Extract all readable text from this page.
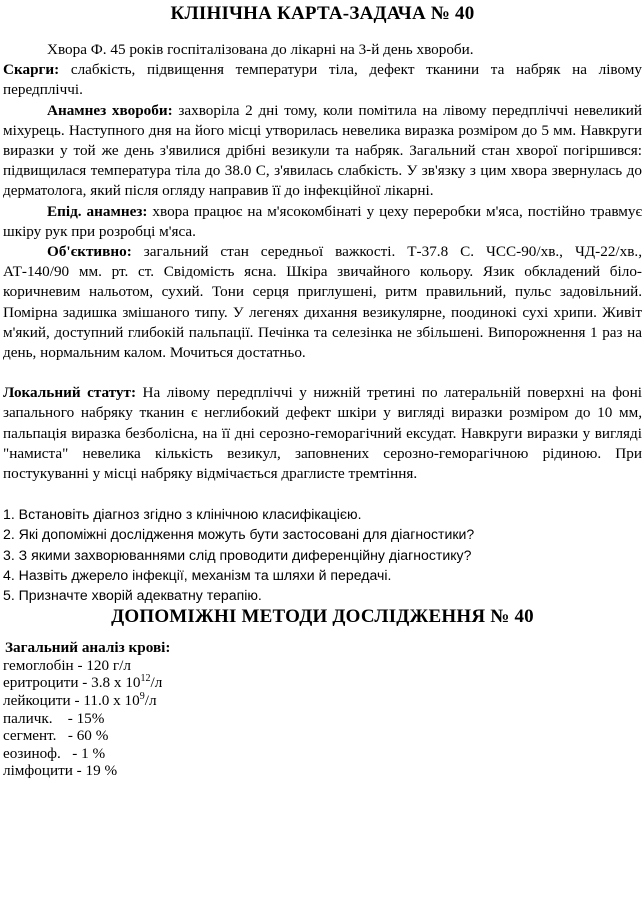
КЛІНІЧНА КАРТА-ЗАДАЧА № 40

Хвора Ф. 45 років госпіталізована до лікарні на 3-й день хвороби.

Скарги: слабкість, підвищення температури тіла, дефект тканини та набряк на лівому передпліччі.

Анамнез хвороби: захворіла 2 дні тому, коли помітила на лівому передпліччі невеликий міхурець. Наступного дня на його місці утворилась невелика виразка розміром до 5 мм. Навкруги виразки у той же день з'явилися дрібні везикули та набряк. Загальний стан хворої погіршився: підвищилася температура тіла до 38.0 С, з'явилась слабкість. У зв'язку з цим хвора звернулась до дерматолога, який після огляду направив її до інфекційної лікарні.

Епід. анамнез: хвора працює на м'ясокомбінаті у цеху переробки м'яса, постійно травмує шкіру рук при розробці м'яса.

Об'єктивно: загальний стан середньої важкості. Т-37.8 С. ЧСС-90/хв., ЧД-22/хв., АТ-140/90 мм. рт. ст. Свідомість ясна. Шкіра звичайного кольору. Язик обкладений біло-коричневим нальотом, сухий. Тони серця приглушені, ритм правильний, пульс задовільний. Помірна задишка змішаного типу. У легенях дихання везикулярне, поодинокі сухі хрипи. Живіт м'який, доступний глибокій пальпації. Печінка та селезінка не збільшені. Випорожнення 1 раз на день, нормальним калом. Мочиться достатньо.

Локальний статут: На лівому передпліччі у нижній третині по латеральній поверхні на фоні запального набряку тканин є неглибокий дефект шкіри у вигляді виразки розміром до 10 мм, пальпація виразка безболісна, на її дні серозно-геморагічний ексудат. Навкруги виразки у вигляді "намиста" невелика кількість везикул, заповнених серозно-геморагічною рідиною. При постукуванні у місці набряку відмічається драглисте тремтіння.

1. Встановіть діагноз згідно з клінічною класифікацією.
2. Які допоміжні дослідження можуть бути застосовані для діагностики?
3. З якими захворюваннями слід проводити диференційну діагностику?
4. Назвіть джерело інфекції, механізм та шляхи й передачі.
5. Призначте хворій адекватну терапію.
ДОПОМІЖНІ МЕТОДИ ДОСЛІДЖЕННЯ № 40
Загальний аналіз крові:
гемоглобін - 120 г/л
еритроцити - 3.8 х $10^{12}/л$
лейкоцити - 11.0 х $10^9/л$
паличк.    - 15%
сегмент.   - 60 %
еозиноф.   - 1 %
лімфоцити - 19 %
